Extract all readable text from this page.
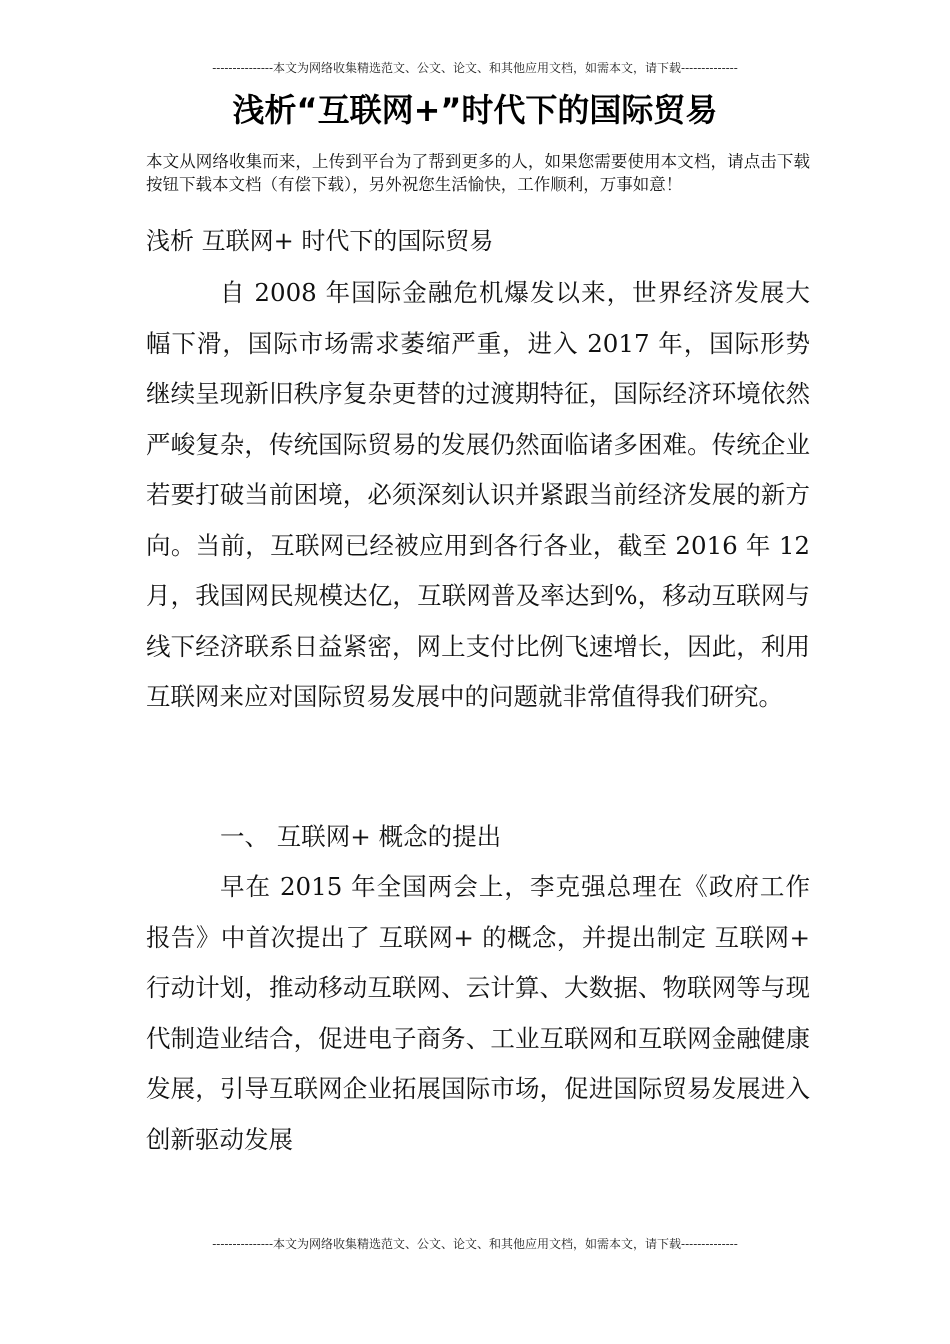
---------------本文为网络收集精选范文、公文、论文、和其他应用文档，如需本文，请下载--------------
浅析“互联网+”时代下的国际贸易

本文从网络收集而来，上传到平台为了帮到更多的人，如果您需要使用本文档，请点击下载按钮下载本文档（有偿下载），另外祝您生活愉快，工作顺利，万事如意！

浅析 互联网+ 时代下的国际贸易

自 2008 年国际金融危机爆发以来，世界经济发展大幅下滑，国际市场需求萎缩严重，进入 2017 年，国际形势继续呈现新旧秩序复杂更替的过渡期特征，国际经济环境依然严峻复杂，传统国际贸易的发展仍然面临诸多困难。传统企业若要打破当前困境，必须深刻认识并紧跟当前经济发展的新方向。当前，互联网已经被应用到各行各业，截至 2016 年 12 月，我国网民规模达亿，互联网普及率达到%，移动互联网与线下经济联系日益紧密，网上支付比例飞速增长，因此，利用互联网来应对国际贸易发展中的问题就非常值得我们研究。

一、 互联网+ 概念的提出

早在 2015 年全国两会上，李克强总理在《政府工作报告》中首次提出了 互联网+ 的概念，并提出制定 互联网+ 行动计划，推动移动互联网、云计算、大数据、物联网等与现代制造业结合，促进电子商务、工业互联网和互联网金融健康发展，引导互联网企业拓展国际市场，促进国际贸易发展进入创新驱动发展

---------------本文为网络收集精选范文、公文、论文、和其他应用文档，如需本文，请下载--------------
